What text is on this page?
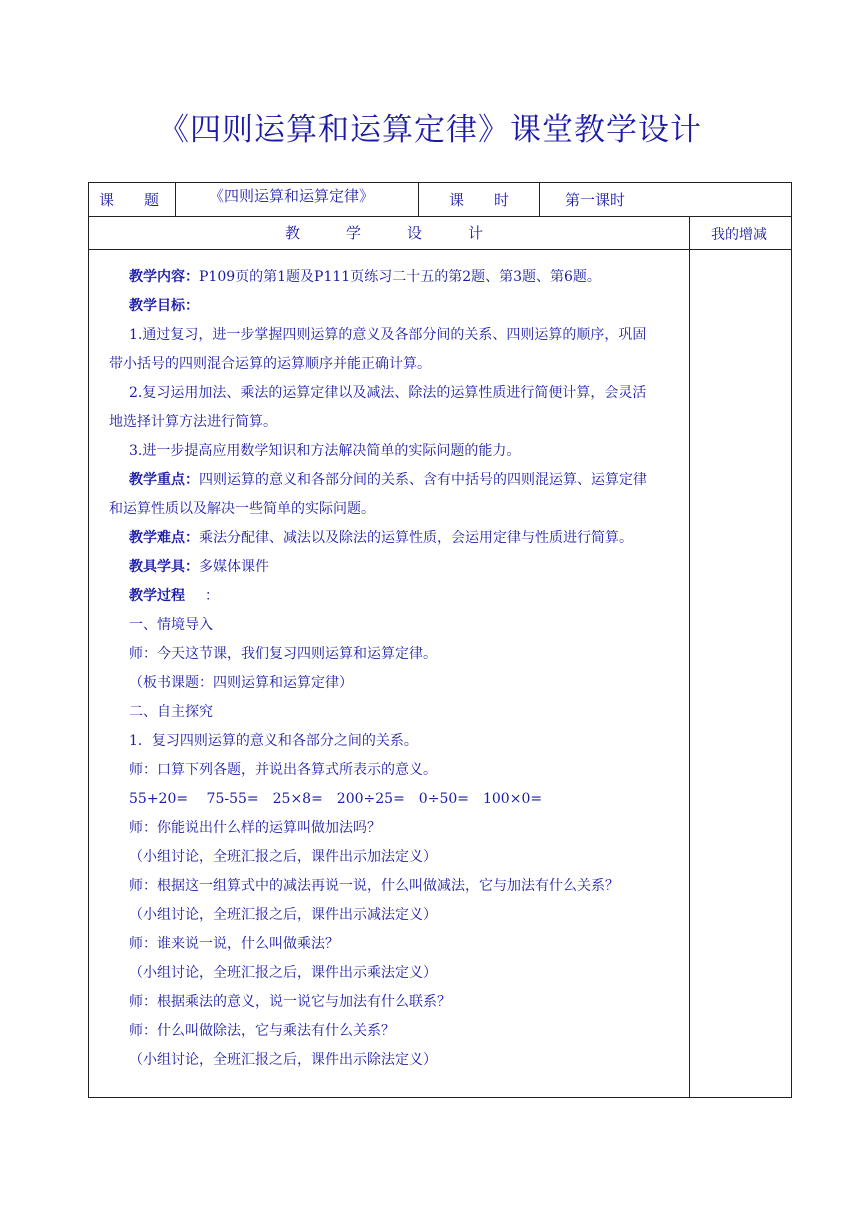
《四则运算和运算定律》课堂教学设计
课　　题	《四则运算和运算定律》	课　　时	第一课时
教学设计	我的增减
教学内容：P109页的第1题及P111页练习二十五的第2题、第3题、第6题。
教学目标：
1.通过复习，进一步掌握四则运算的意义及各部分间的关系、四则运算的顺序，巩固
带小括号的四则混合运算的运算顺序并能正确计算。
2.复习运用加法、乘法的运算定律以及减法、除法的运算性质进行简便计算，会灵活
地选择计算方法进行简算。
3.进一步提高应用数学知识和方法解决简单的实际问题的能力。
教学重点：四则运算的意义和各部分间的关系、含有中括号的四则混运算、运算定律
和运算性质以及解决一些简单的实际问题。
教学难点：乘法分配律、减法以及除法的运算性质，会运用定律与性质进行简算。
教具学具：多媒体课件
教学过程 ：
一、情境导入
师：今天这节课，我们复习四则运算和运算定律。
（板书课题：四则运算和运算定律）
二、自主探究
1．复习四则运算的意义和各部分之间的关系。
师：口算下列各题，并说出各算式所表示的意义。
55+20=　 75-55=　25×8=　200÷25=　0÷50=　100×0=
师：你能说出什么样的运算叫做加法吗？
（小组讨论，全班汇报之后，课件出示加法定义）
师：根据这一组算式中的减法再说一说，什么叫做减法，它与加法有什么关系？
（小组讨论，全班汇报之后，课件出示减法定义）
师：谁来说一说，什么叫做乘法？
（小组讨论，全班汇报之后，课件出示乘法定义）
师：根据乘法的意义，说一说它与加法有什么联系？
师：什么叫做除法，它与乘法有什么关系？
（小组讨论，全班汇报之后，课件出示除法定义）
